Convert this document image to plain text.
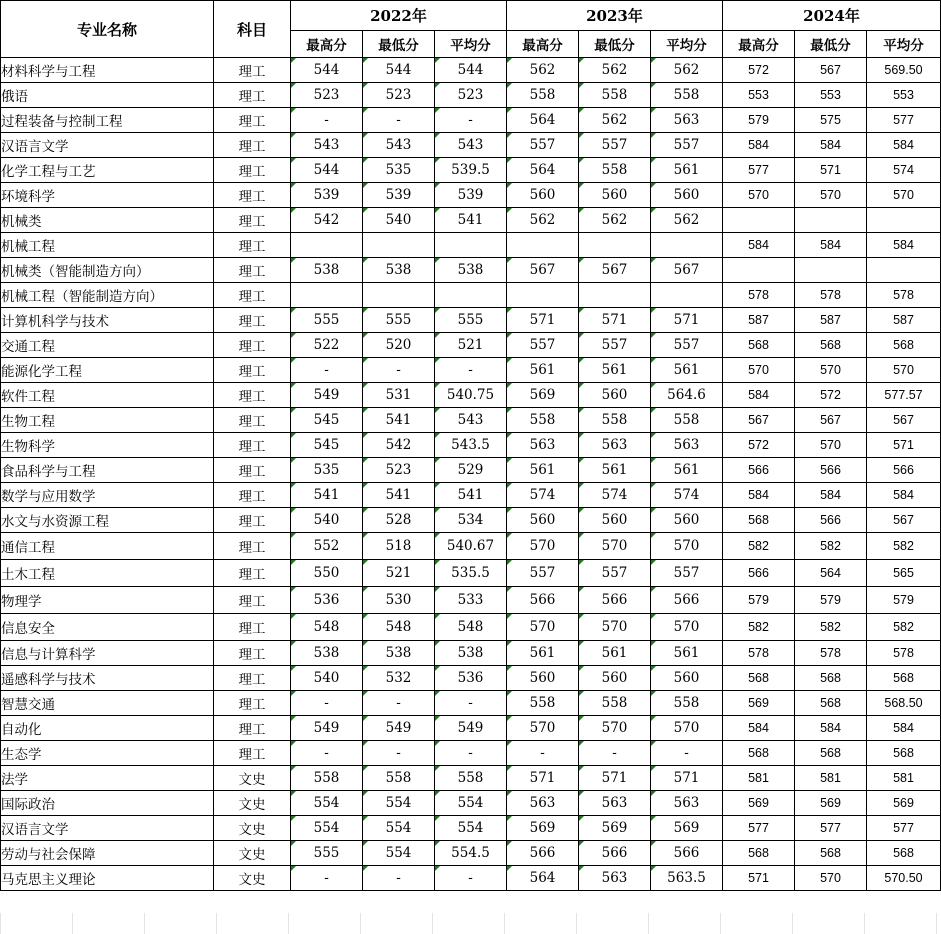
专业名称	科目	2022年			2023年			2024年		
		最高分	最低分	平均分	最高分	最低分	平均分	最高分	最低分	平均分
材料科学与工程	理工	544	544	544	562	562	562	572	567	569.50
俄语	理工	523	523	523	558	558	558	553	553	553
过程装备与控制工程	理工	-	-	-	564	562	563	579	575	577
汉语言文学	理工	543	543	543	557	557	557	584	584	584
化学工程与工艺	理工	544	535	539.5	564	558	561	577	571	574
环境科学	理工	539	539	539	560	560	560	570	570	570
机械类	理工	542	540	541	562	562	562			
机械工程	理工							584	584	584
机械类（智能制造方向）	理工	538	538	538	567	567	567			
机械工程（智能制造方向）	理工							578	578	578
计算机科学与技术	理工	555	555	555	571	571	571	587	587	587
交通工程	理工	522	520	521	557	557	557	568	568	568
能源化学工程	理工	-	-	-	561	561	561	570	570	570
软件工程	理工	549	531	540.75	569	560	564.6	584	572	577.57
生物工程	理工	545	541	543	558	558	558	567	567	567
生物科学	理工	545	542	543.5	563	563	563	572	570	571
食品科学与工程	理工	535	523	529	561	561	561	566	566	566
数学与应用数学	理工	541	541	541	574	574	574	584	584	584
水文与水资源工程	理工	540	528	534	560	560	560	568	566	567
通信工程	理工	552	518	540.67	570	570	570	582	582	582
土木工程	理工	550	521	535.5	557	557	557	566	564	565
物理学	理工	536	530	533	566	566	566	579	579	579
信息安全	理工	548	548	548	570	570	570	582	582	582
信息与计算科学	理工	538	538	538	561	561	561	578	578	578
遥感科学与技术	理工	540	532	536	560	560	560	568	568	568
智慧交通	理工	-	-	-	558	558	558	569	568	568.50
自动化	理工	549	549	549	570	570	570	584	584	584
生态学	理工	-	-	-	-	-	-	568	568	568
法学	文史	558	558	558	571	571	571	581	581	581
国际政治	文史	554	554	554	563	563	563	569	569	569
汉语言文学	文史	554	554	554	569	569	569	577	577	577
劳动与社会保障	文史	555	554	554.5	566	566	566	568	568	568
马克思主义理论	文史	-	-	-	564	563	563.5	571	570	570.50
